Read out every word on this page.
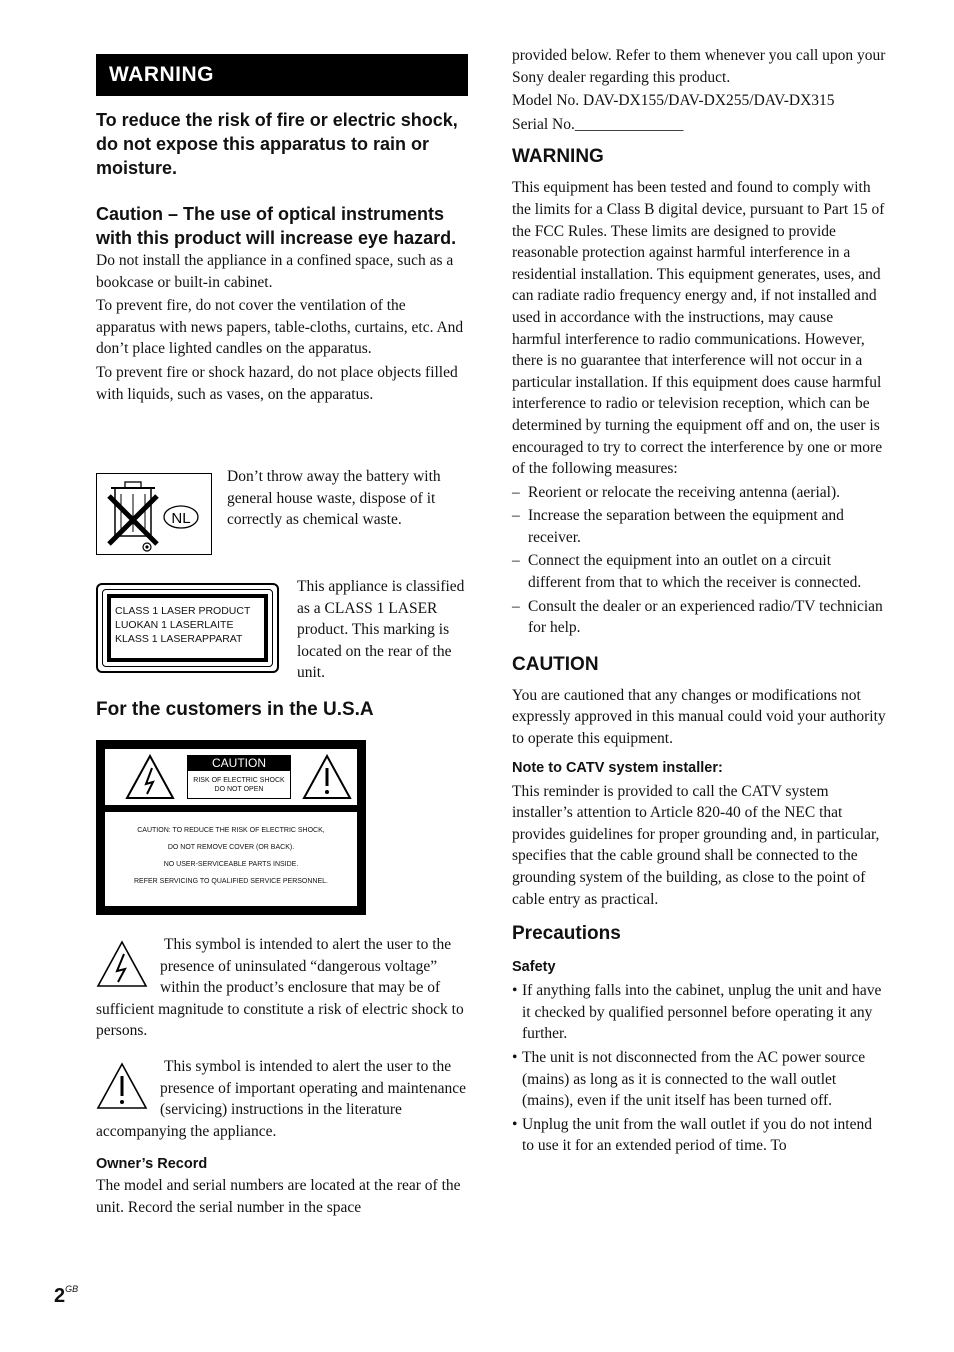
WARNING
To reduce the risk of fire or electric shock, do not expose this apparatus to rain or moisture.
Caution – The use of optical instruments with this product will increase eye hazard.

Do not install the appliance in a confined space, such as a bookcase or built-in cabinet.

To prevent fire, do not cover the ventilation of the apparatus with news papers, table-cloths, curtains, etc. And don’t place lighted candles on the apparatus.

To prevent fire or shock hazard, do not place objects filled with liquids, such as vases, on the apparatus.

NL
Don’t throw away the battery with general house waste, dispose of it correctly as chemical waste.
CLASS 1 LASER PRODUCT
LUOKAN 1 LASERLAITE
KLASS 1 LASERAPPARAT
This appliance is classified as a CLASS 1 LASER product. This marking is located on the rear of the unit.
For the customers in the U.S.A
CAUTION
RISK OF ELECTRIC SHOCK
DO NOT OPEN
CAUTION: TO REDUCE THE RISK OF ELECTRIC SHOCK,
DO NOT REMOVE COVER (OR BACK).
NO USER-SERVICEABLE PARTS INSIDE.
REFER SERVICING TO QUALIFIED SERVICE PERSONNEL.
This symbol is intended to alert the user to the presence of uninsulated “dangerous voltage” within the product’s enclosure that may be of sufficient magnitude to constitute a risk of electric shock to persons.
This symbol is intended to alert the user to the presence of important operating and maintenance (servicing) instructions in the literature accompanying the appliance.
Owner’s Record
The model and serial numbers are located at the rear of the unit. Record the serial number in the space

provided below. Refer to them whenever you call upon your Sony dealer regarding this product.

Model No. DAV-DX155/DAV-DX255/DAV-DX315

Serial No.______________

WARNING

This equipment has been tested and found to comply with the limits for a Class B digital device, pursuant to Part 15 of the FCC Rules. These limits are designed to provide reasonable protection against harmful interference in a residential installation. This equipment generates, uses, and can radiate radio frequency energy and, if not installed and used in accordance with the instructions, may cause harmful interference to radio communications. However, there is no guarantee that interference will not occur in a particular installation. If this equipment does cause harmful interference to radio or television reception, which can be determined by turning the equipment off and on, the user is encouraged to try to correct the interference by one or more of the following measures:

– Reorient or relocate the receiving antenna (aerial).
– Increase the separation between the equipment and receiver.
– Connect the equipment into an outlet on a circuit different from that to which the receiver is connected.
– Consult the dealer or an experienced radio/TV technician for help.
CAUTION

You are cautioned that any changes or modifications not expressly approved in this manual could void your authority to operate this equipment.

Note to CATV system installer:

This reminder is provided to call the CATV system installer’s attention to Article 820-40 of the NEC that provides guidelines for proper grounding and, in particular, specifies that the cable ground shall be connected to the grounding system of the building, as close to the point of cable entry as practical.

Precautions
Safety
• If anything falls into the cabinet, unplug the unit and have it checked by qualified personnel before operating it any further.
• The unit is not disconnected from the AC power source (mains) as long as it is connected to the wall outlet (mains), even if the unit itself has been turned off.
• Unplug the unit from the wall outlet if you do not intend to use it for an extended period of time. To
$2^{GB}$
